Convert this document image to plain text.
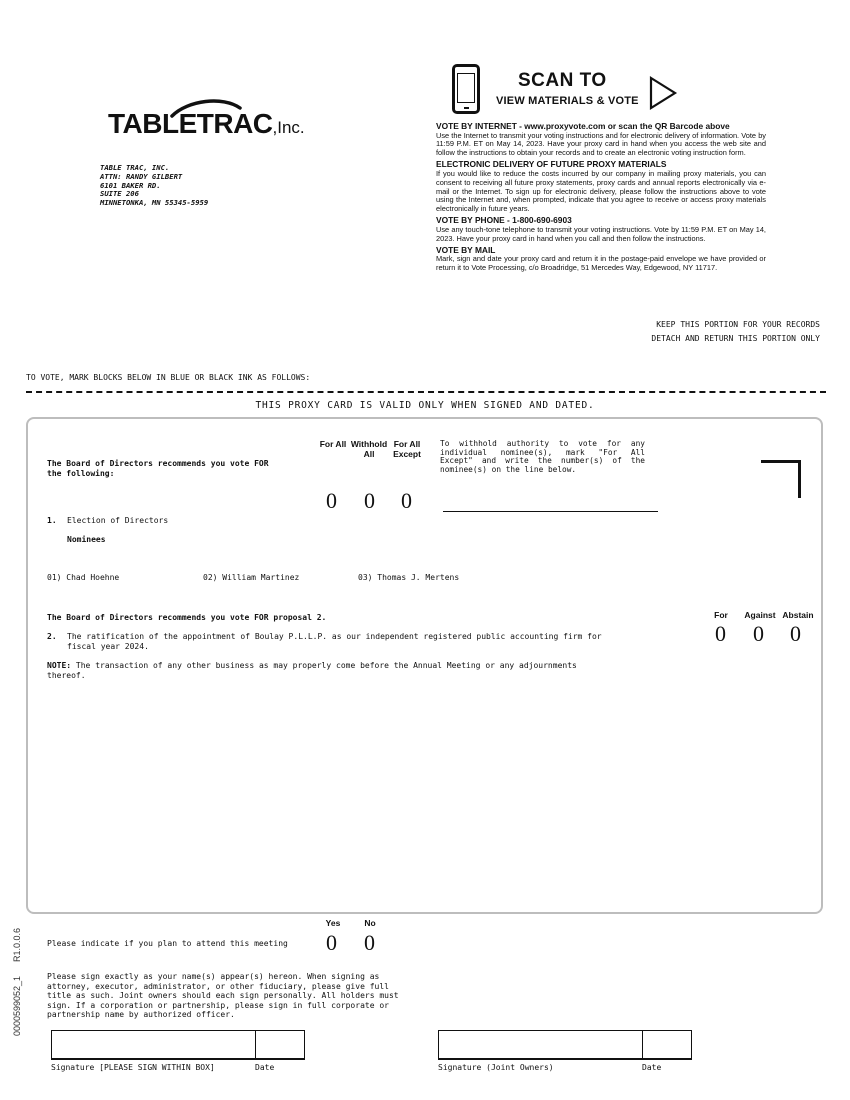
TABLETRAC,Inc.
TABLE TRAC, INC.
ATTN: RANDY GILBERT
6101 BAKER RD.
SUITE 206
MINNETONKA, MN 55345-5959
SCAN TO
VIEW MATERIALS & VOTE
VOTE BY INTERNET - www.proxyvote.com or scan the QR Barcode above

Use the Internet to transmit your voting instructions and for electronic delivery of information. Vote by 11:59 P.M. ET on May 14, 2023. Have your proxy card in hand when you access the web site and follow the instructions to obtain your records and to create an electronic voting instruction form.

ELECTRONIC DELIVERY OF FUTURE PROXY MATERIALS

If you would like to reduce the costs incurred by our company in mailing proxy materials, you can consent to receiving all future proxy statements, proxy cards and annual reports electronically via e-mail or the Internet. To sign up for electronic delivery, please follow the instructions above to vote using the Internet and, when prompted, indicate that you agree to receive or access proxy materials electronically in future years.

VOTE BY PHONE - 1-800-690-6903

Use any touch-tone telephone to transmit your voting instructions. Vote by 11:59 P.M. ET on May 14, 2023. Have your proxy card in hand when you call and then follow the instructions.

VOTE BY MAIL

Mark, sign and date your proxy card and return it in the postage-paid envelope we have provided or return it to Vote Processing, c/o Broadridge, 51 Mercedes Way, Edgewood, NY 11717.

KEEP THIS PORTION FOR YOUR RECORDS
DETACH AND RETURN THIS PORTION ONLY
TO VOTE, MARK BLOCKS BELOW IN BLUE OR BLACK INK AS FOLLOWS:
THIS PROXY CARD IS VALID ONLY WHEN SIGNED AND DATED.
The Board of Directors recommends you vote FOR the following:
For All Withhold All
For All Except
0 0 0
To withhold authority to vote for any individual nominee(s), mark "For All Except" and write the number(s) of the nominee(s) on the line below.
1. Election of Directors
Nominees
01) Chad Hoehne	02) William Martinez	03) Thomas J. Mertens
The Board of Directors recommends you vote FOR proposal 2.	For	Against Abstain
0 0 0
2. The ratification of the appointment of Boulay P.L.L.P. as our independent registered public accounting firm for fiscal year 2024.
NOTE: The transaction of any other business as may properly come before the Annual Meeting or any adjournments thereof.
Yes	No
Please indicate if you plan to attend this meeting 0 0
Please sign exactly as your name(s) appear(s) hereon. When signing as attorney, executor, administrator, or other fiduciary, please give full title as such. Joint owners should each sign personally. All holders must sign. If a corporation or partnership, please sign in full corporate or partnership name by authorized officer.
R1.0.0.6
0000599052_1
Signature [PLEASE SIGN WITHIN BOX]	Date	Signature (Joint Owners)	Date
